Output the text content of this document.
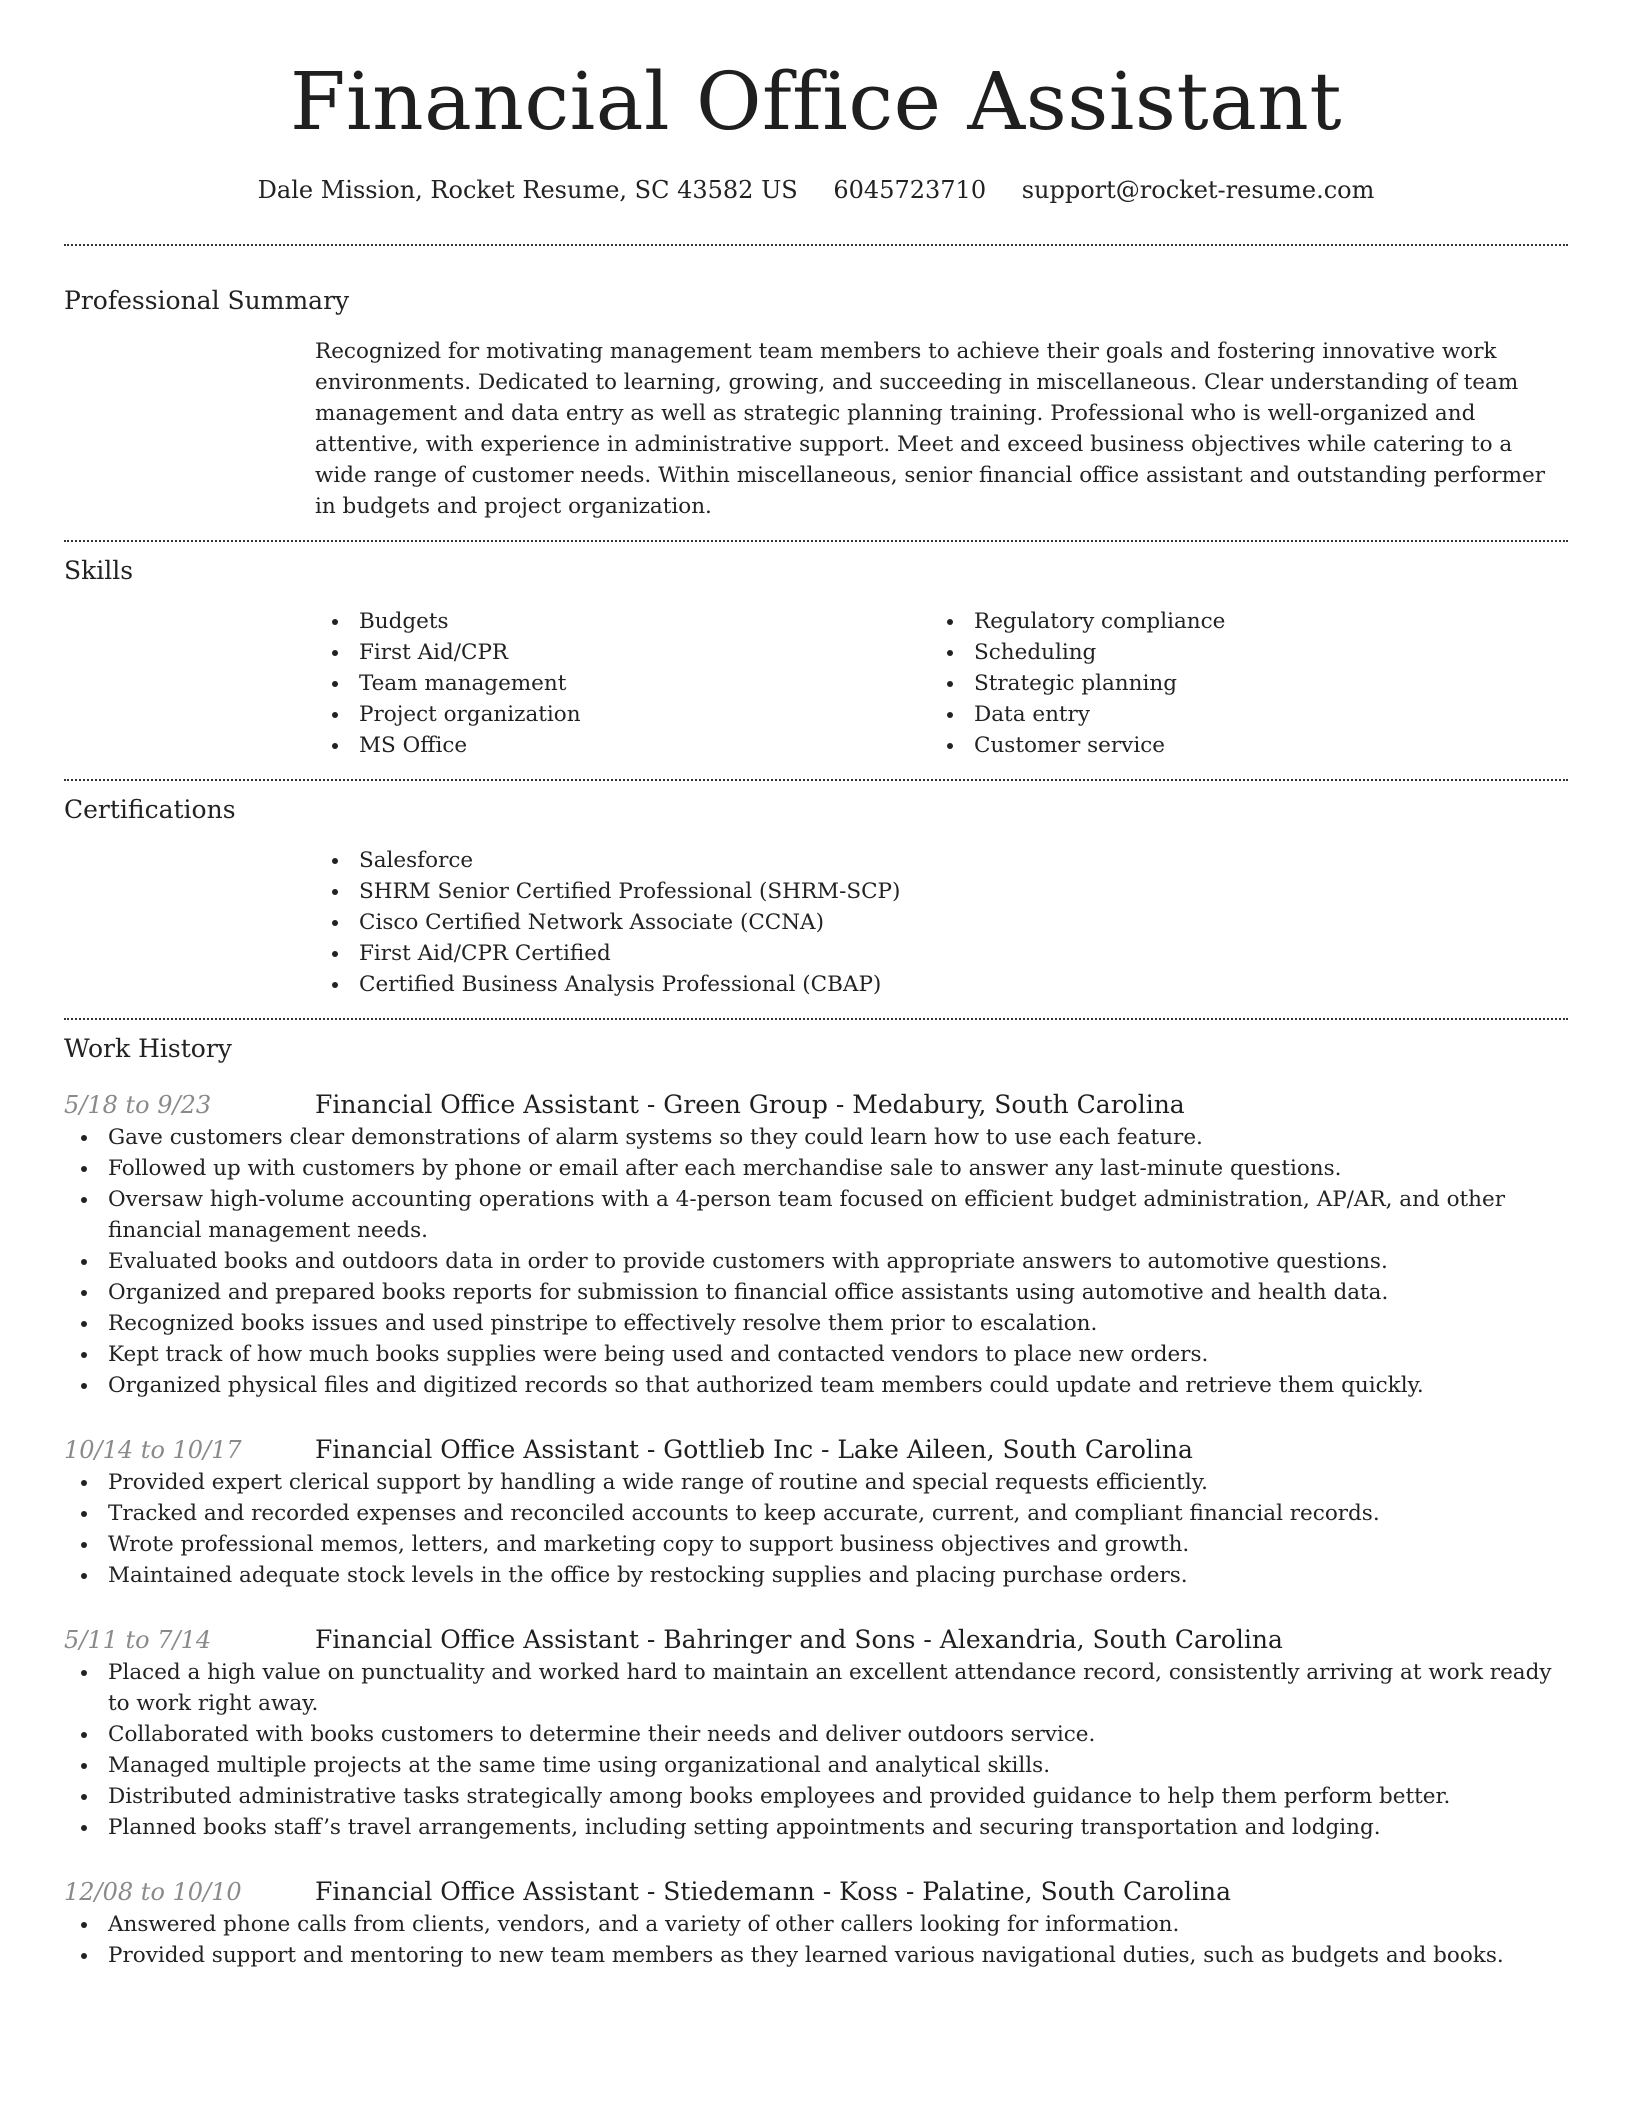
Financial Office Assistant
Dale Mission, Rocket Resume, SC 43582 US 6045723710 support@rocket-resume.com
Professional Summary

Recognized for motivating management team members to achieve their goals and fostering innovative work environments. Dedicated to learning, growing, and succeeding in miscellaneous. Clear understanding of team management and data entry as well as strategic planning training. Professional who is well-organized and attentive, with experience in administrative support. Meet and exceed business objectives while catering to a wide range of customer needs. Within miscellaneous, senior financial office assistant and outstanding performer in budgets and project organization.

Skills
Budgets
First Aid/CPR
Team management
Project organization
MS Office
Regulatory compliance
Scheduling
Strategic planning
Data entry
Customer service
Certifications
Salesforce
SHRM Senior Certified Professional (SHRM-SCP)
Cisco Certified Network Associate (CCNA)
First Aid/CPR Certified
Certified Business Analysis Professional (CBAP)
Work History
5/18 to 9/23	Financial Office Assistant - Green Group - Medabury, South Carolina
Gave customers clear demonstrations of alarm systems so they could learn how to use each feature.
Followed up with customers by phone or email after each merchandise sale to answer any last-minute questions.
Oversaw high-volume accounting operations with a 4-person team focused on efficient budget administration, AP/AR, and other financial management needs.
Evaluated books and outdoors data in order to provide customers with appropriate answers to automotive questions.
Organized and prepared books reports for submission to financial office assistants using automotive and health data.
Recognized books issues and used pinstripe to effectively resolve them prior to escalation.
Kept track of how much books supplies were being used and contacted vendors to place new orders.
Organized physical files and digitized records so that authorized team members could update and retrieve them quickly.
10/14 to 10/17	Financial Office Assistant - Gottlieb Inc - Lake Aileen, South Carolina
Provided expert clerical support by handling a wide range of routine and special requests efficiently.
Tracked and recorded expenses and reconciled accounts to keep accurate, current, and compliant financial records.
Wrote professional memos, letters, and marketing copy to support business objectives and growth.
Maintained adequate stock levels in the office by restocking supplies and placing purchase orders.
5/11 to 7/14	Financial Office Assistant - Bahringer and Sons - Alexandria, South Carolina
Placed a high value on punctuality and worked hard to maintain an excellent attendance record, consistently arriving at work ready to work right away.
Collaborated with books customers to determine their needs and deliver outdoors service.
Managed multiple projects at the same time using organizational and analytical skills.
Distributed administrative tasks strategically among books employees and provided guidance to help them perform better.
Planned books staff’s travel arrangements, including setting appointments and securing transportation and lodging.
12/08 to 10/10	Financial Office Assistant - Stiedemann - Koss - Palatine, South Carolina
Answered phone calls from clients, vendors, and a variety of other callers looking for information.
Provided support and mentoring to new team members as they learned various navigational duties, such as budgets and books.
